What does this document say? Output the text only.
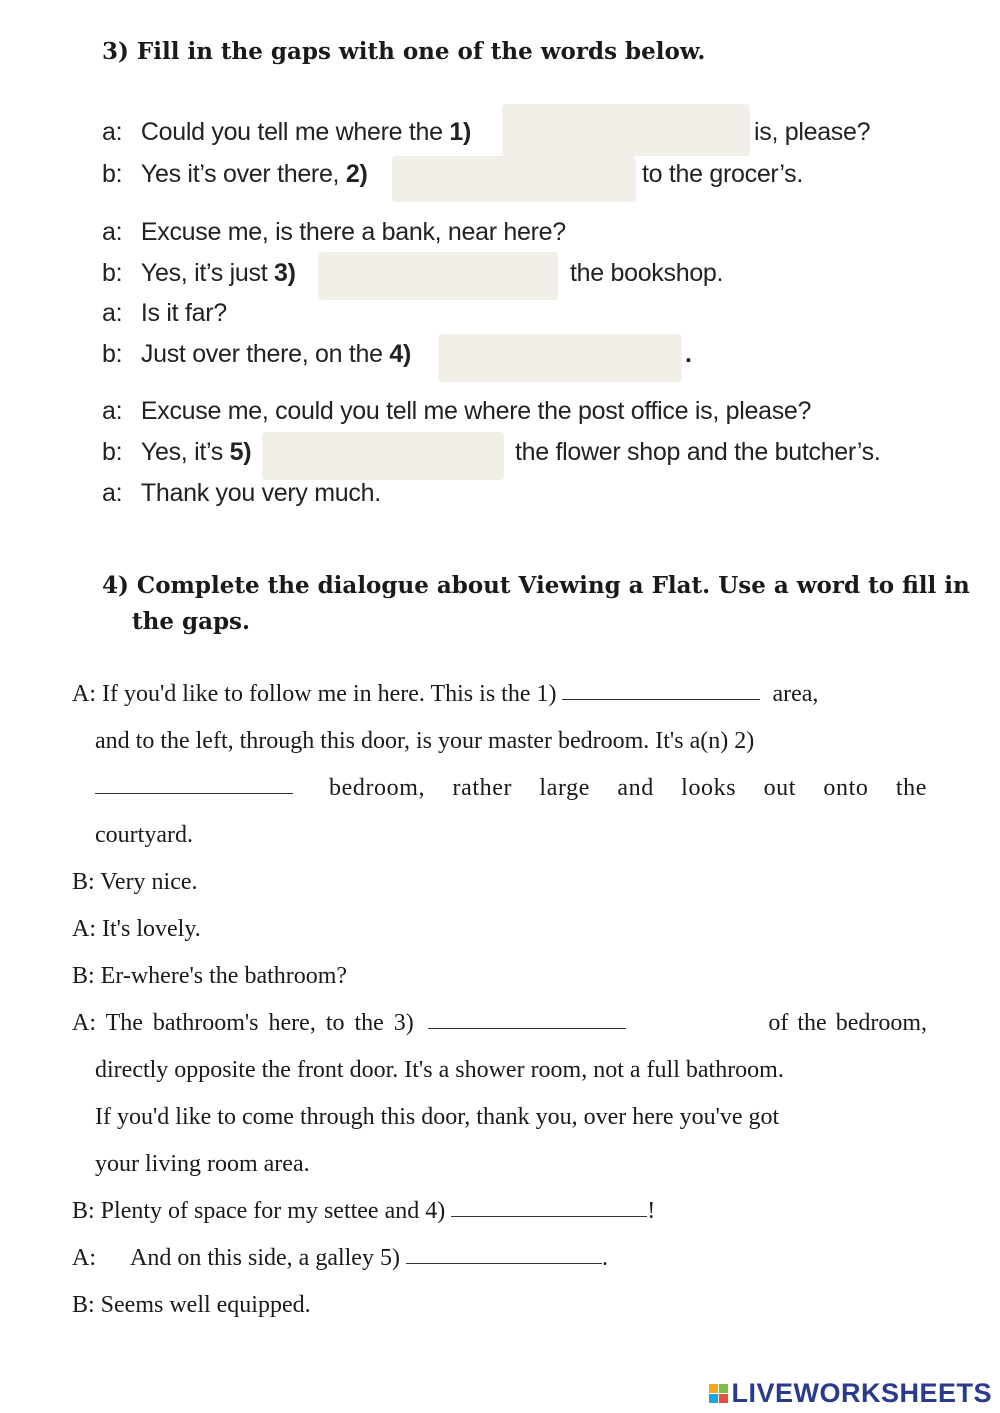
3) Fill in the gaps with one of the words below.
a: Could you tell me where the 1)	is, please?
b: Yes it’s over there, 2)	to the grocer’s.
a: Excuse me, is there a bank, near here?
b: Yes, it’s just 3)	the bookshop.
a: Is it far?
b: Just over there, on the 4)	.
a: Excuse me, could you tell me where the post office is, please?
b: Yes, it’s 5)	the flower shop and the butcher’s.
a: Thank you very much.
4) Complete the dialogue about Viewing a Flat. Use a word to fill in
the gaps.
A: If you'd like to follow me in here. This is the 1)	area,
and to the left, through this door, is your master bedroom. It's a(n) 2)
bedroom, rather large and looks out onto the
courtyard.
B: Very nice.
A: It's lovely.
B: Er-where's the bathroom?
A: The bathroom's here, to the 3)	of the bedroom,
directly opposite the front door. It's a shower room, not a full bathroom.
If you'd like to come through this door, thank you, over here you've got
your living room area.
B: Plenty of space for my settee and 4)	!
A: And on this side, a galley 5)	.
B: Seems well equipped.
LIVEWORKSHEETS
